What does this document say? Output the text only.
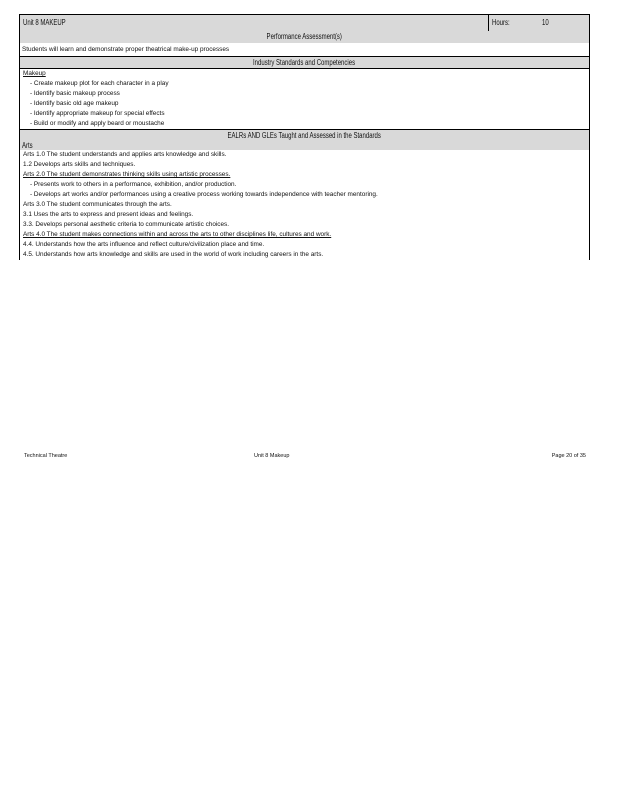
Unit 8 MAKEUP	Hours:	10
Performance Assessment(s)
Students will learn and demonstrate proper theatrical make-up processes
Industry Standards and Competencies
Makeup
- Create makeup plot for each character in a play
- Identify basic makeup process
- Identify basic old age makeup
- Identify appropriate makeup for special effects
- Build or modify and apply beard or moustache
EALRs AND GLEs Taught and Assessed in the Standards
Arts
Arts 1.0 The student understands and applies arts knowledge and skills.
1.2 Develops arts skills and techniques.
Arts 2.0 The student demonstrates thinking skills using artistic processes.
- Presents work to others in a performance, exhibition, and/or production.
- Develops art works and/or performances using a creative process working towards independence with teacher mentoring.
Arts 3.0 The student communicates through the arts.
3.1 Uses the arts to express and present ideas and feelings.
3.3. Develops personal aesthetic criteria to communicate artistic choices.
Arts 4.0 The student makes connections within and across the arts to other disciplines life, cultures and work.
4.4. Understands how the arts influence and reflect culture/civilization place and time.
4.5. Understands how arts knowledge and skills are used in the world of work including careers in the arts.
Technical Theatre	Unit 8 Makeup	Page 20 of 35
